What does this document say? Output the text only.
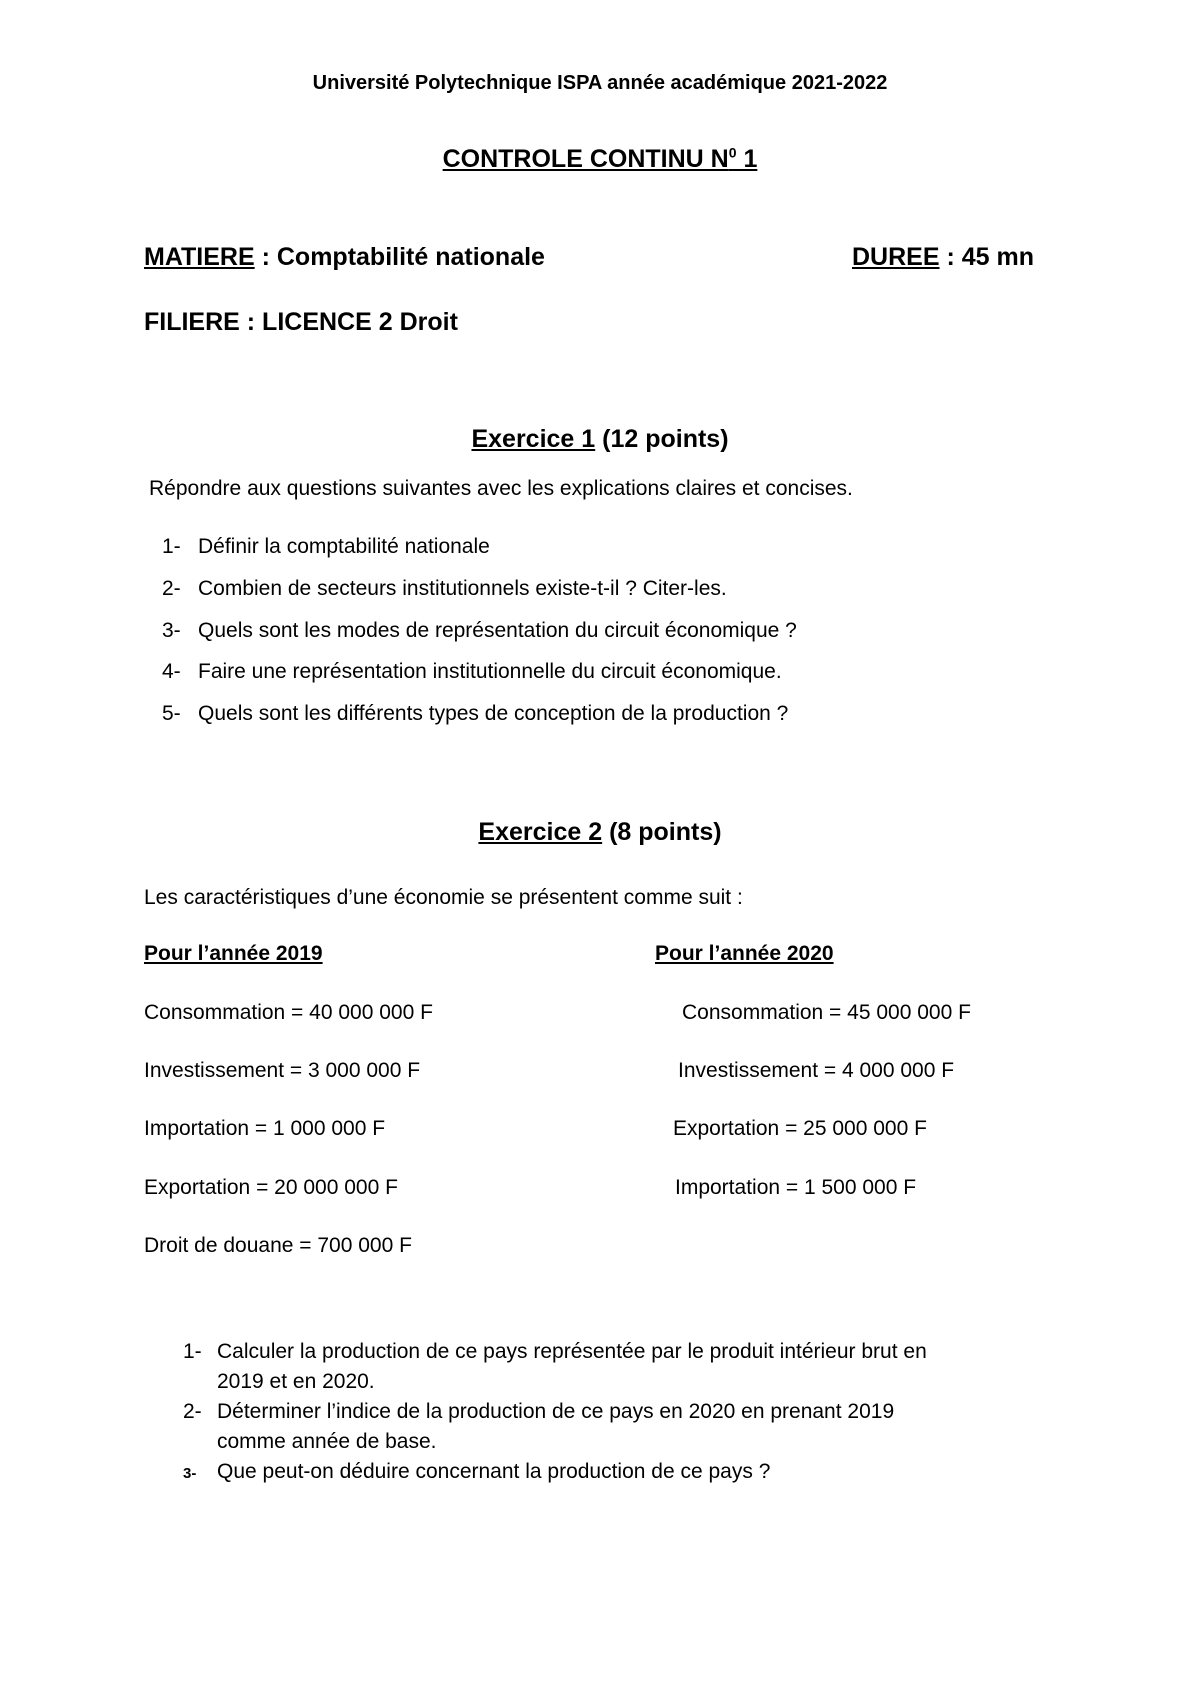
Université Polytechnique ISPA année académique 2021-2022
CONTROLE CONTINU $N^0$ 1
MATIERE : Comptabilité nationale	DUREE : 45 mn
FILIERE : LICENCE 2 Droit
Exercice 1 (12 points)
Répondre aux questions suivantes avec les explications claires et concises.
1- Définir la comptabilité nationale
2- Combien de secteurs institutionnels existe-t-il ? Citer-les.
3- Quels sont les modes de représentation du circuit économique ?
4- Faire une représentation institutionnelle du circuit économique.
5- Quels sont les différents types de conception de la production ?
Exercice 2 (8 points)
Les caractéristiques d’une économie se présentent comme suit :
Pour l’année 2019	Pour l’année 2020
Consommation = 40 000 000 F
Investissement = 3 000 000 F
Importation = 1 000 000 F
Exportation = 20 000 000 F
Droit de douane = 700 000 F
Consommation = 45 000 000 F
Investissement = 4 000 000 F
Exportation = 25 000 000 F
Importation = 1 500 000 F
1- Calculer la production de ce pays représentée par le produit intérieur brut en
2019 et en 2020.
2- Déterminer l’indice de la production de ce pays en 2020 en prenant 2019
comme année de base.
3- Que peut-on déduire concernant la production de ce pays ?
